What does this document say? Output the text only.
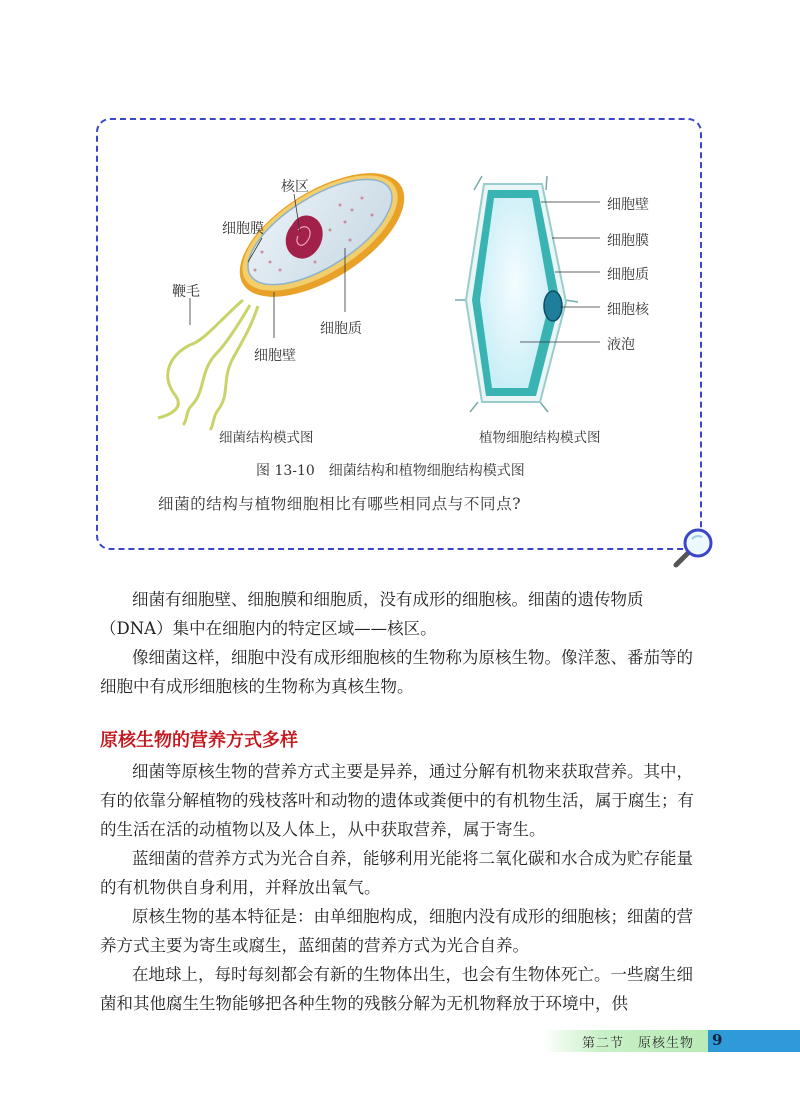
核区
细胞膜
鞭毛
细胞质
细胞壁
细胞壁
细胞膜
细胞质
细胞核
液泡
细菌结构模式图	植物细胞结构模式图
图 13-10　细菌结构和植物细胞结构模式图
细菌的结构与植物细胞相比有哪些相同点与不同点?

细菌有细胞壁、细胞膜和细胞质，没有成形的细胞核。细菌的遗传物质（DNA）集中在细胞内的特定区域——核区。

像细菌这样，细胞中没有成形细胞核的生物称为原核生物。像洋葱、番茄等的细胞中有成形细胞核的生物称为真核生物。

原核生物的营养方式多样

细菌等原核生物的营养方式主要是异养，通过分解有机物来获取营养。其中，有的依靠分解植物的残枝落叶和动物的遗体或粪便中的有机物生活，属于腐生；有的生活在活的动植物以及人体上，从中获取营养，属于寄生。

蓝细菌的营养方式为光合自养，能够利用光能将二氧化碳和水合成为贮存能量的有机物供自身利用，并释放出氧气。

原核生物的基本特征是：由单细胞构成，细胞内没有成形的细胞核；细菌的营养方式主要为寄生或腐生，蓝细菌的营养方式为光合自养。

在地球上，每时每刻都会有新的生物体出生，也会有生物体死亡。一些腐生细菌和其他腐生生物能够把各种生物的残骸分解为无机物释放于环境中，供

第二节　原核生物 9
